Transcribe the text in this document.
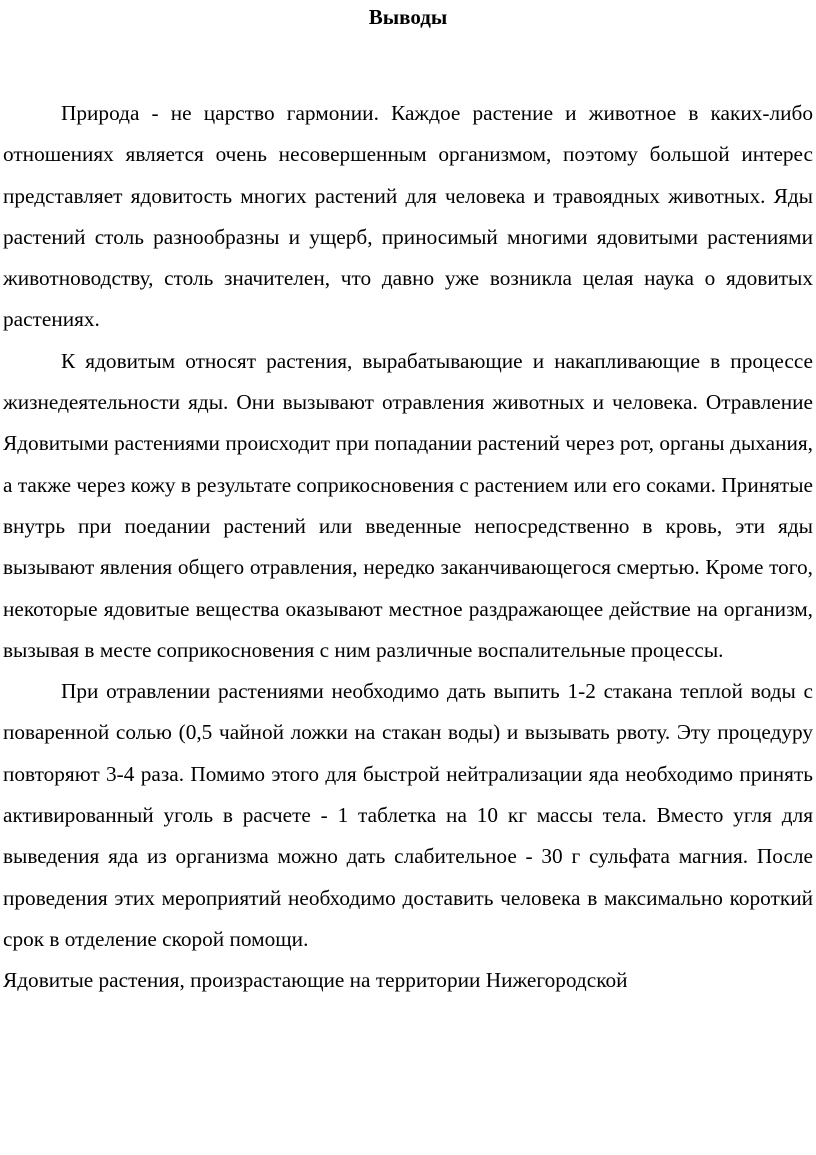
Выводы

Природа - не царство гармонии. Каждое растение и животное в каких-либо отношениях является очень несовершенным организмом, поэтому большой интерес представляет ядовитость многих растений для человека и травоядных животных. Яды растений столь разнообразны и ущерб, приносимый многими ядовитыми растениями животноводству, столь значителен, что давно уже возникла целая наука о ядовитых растениях.

К ядовитым относят растения, вырабатывающие и накапливающие в процессе жизнедеятельности яды. Они вызывают отравления животных и человека. Отравление Ядовитыми растениями происходит при попадании растений через рот, органы дыхания, а также через кожу в результате соприкосновения с растением или его соками. Принятые внутрь при поедании растений или введенные непосредственно в кровь, эти яды вызывают явления общего отравления, нередко заканчивающегося смертью. Кроме того, некоторые ядовитые вещества оказывают местное раздражающее действие на организм, вызывая в месте соприкосновения с ним различные воспалительные процессы.

При отравлении растениями необходимо дать выпить 1-2 стакана теплой воды с поваренной солью (0,5 чайной ложки на стакан воды) и вызывать рвоту. Эту процедуру повторяют 3-4 раза. Помимо этого для быстрой нейтрализации яда необходимо принять активированный уголь в расчете - 1 таблетка на 10 кг массы тела. Вместо угля для выведения яда из организма можно дать слабительное - 30 г сульфата магния. После проведения этих мероприятий необходимо доставить человека в максимально короткий срок в отделение скорой помощи.

Ядовитые растения, произрастающие на территории Нижегородской
